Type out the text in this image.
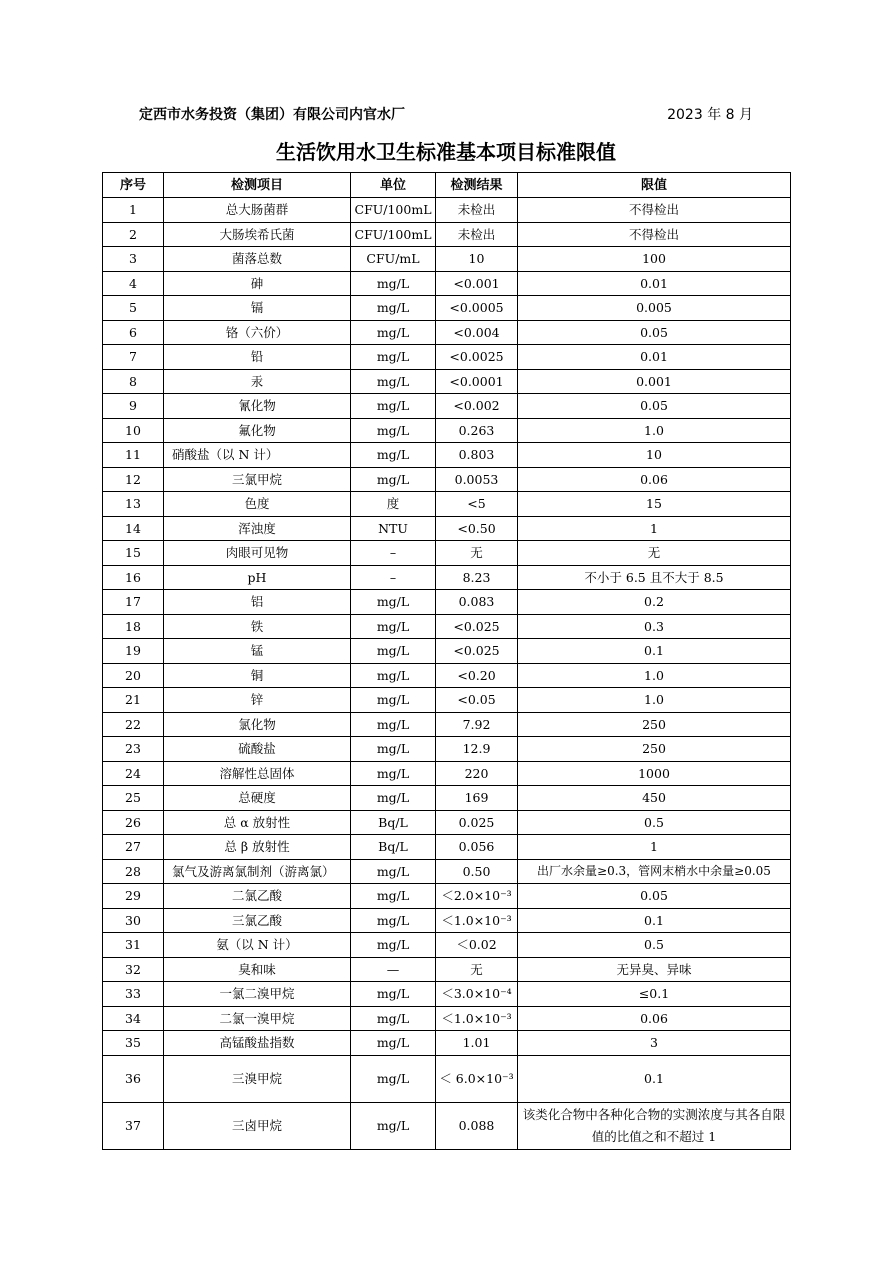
定西市水务投资（集团）有限公司内官水厂	2023 年 8 月
生活饮用水卫生标准基本项目标准限值
序号	检测项目	单位	检测结果	限值
1	总大肠菌群	CFU/100mL	未检出	不得检出
2	大肠埃希氏菌	CFU/100mL	未检出	不得检出
3	菌落总数	CFU/mL	10	100
4	砷	mg/L	<0.001	0.01
5	镉	mg/L	<0.0005	0.005
6	铬（六价）	mg/L	<0.004	0.05
7	铅	mg/L	<0.0025	0.01
8	汞	mg/L	<0.0001	0.001
9	氰化物	mg/L	<0.002	0.05
10	氟化物	mg/L	0.263	1.0
11	硝酸盐（以 N 计）	mg/L	0.803	10
12	三氯甲烷	mg/L	0.0053	0.06
13	色度	度	<5	15
14	浑浊度	NTU	<0.50	1
15	肉眼可见物	–	无	无
16	pH	–	8.23	不小于 6.5 且不大于 8.5
17	铝	mg/L	0.083	0.2
18	铁	mg/L	<0.025	0.3
19	锰	mg/L	<0.025	0.1
20	铜	mg/L	<0.20	1.0
21	锌	mg/L	<0.05	1.0
22	氯化物	mg/L	7.92	250
23	硫酸盐	mg/L	12.9	250
24	溶解性总固体	mg/L	220	1000
25	总硬度	mg/L	169	450
26	总 α 放射性	Bq/L	0.025	0.5
27	总 β 放射性	Bq/L	0.056	1
28	氯气及游离氯制剂（游离氯）	mg/L	0.50	出厂水余量≥0.3，管网末梢水中余量≥0.05
29	二氯乙酸	mg/L	＜2.0×10⁻³	0.05
30	三氯乙酸	mg/L	＜1.0×10⁻³	0.1
31	氨（以 N 计）	mg/L	＜0.02	0.5
32	臭和味	—	无	无异臭、异味
33	一氯二溴甲烷	mg/L	＜3.0×10⁻⁴	≤0.1
34	二氯一溴甲烷	mg/L	＜1.0×10⁻³	0.06
35	高锰酸盐指数	mg/L	1.01	3
36	三溴甲烷	mg/L	＜ 6.0×10⁻³	0.1
37	三卤甲烷	mg/L	0.088	该类化合物中各种化合物的实测浓度与其各自限值的比值之和不超过 1
